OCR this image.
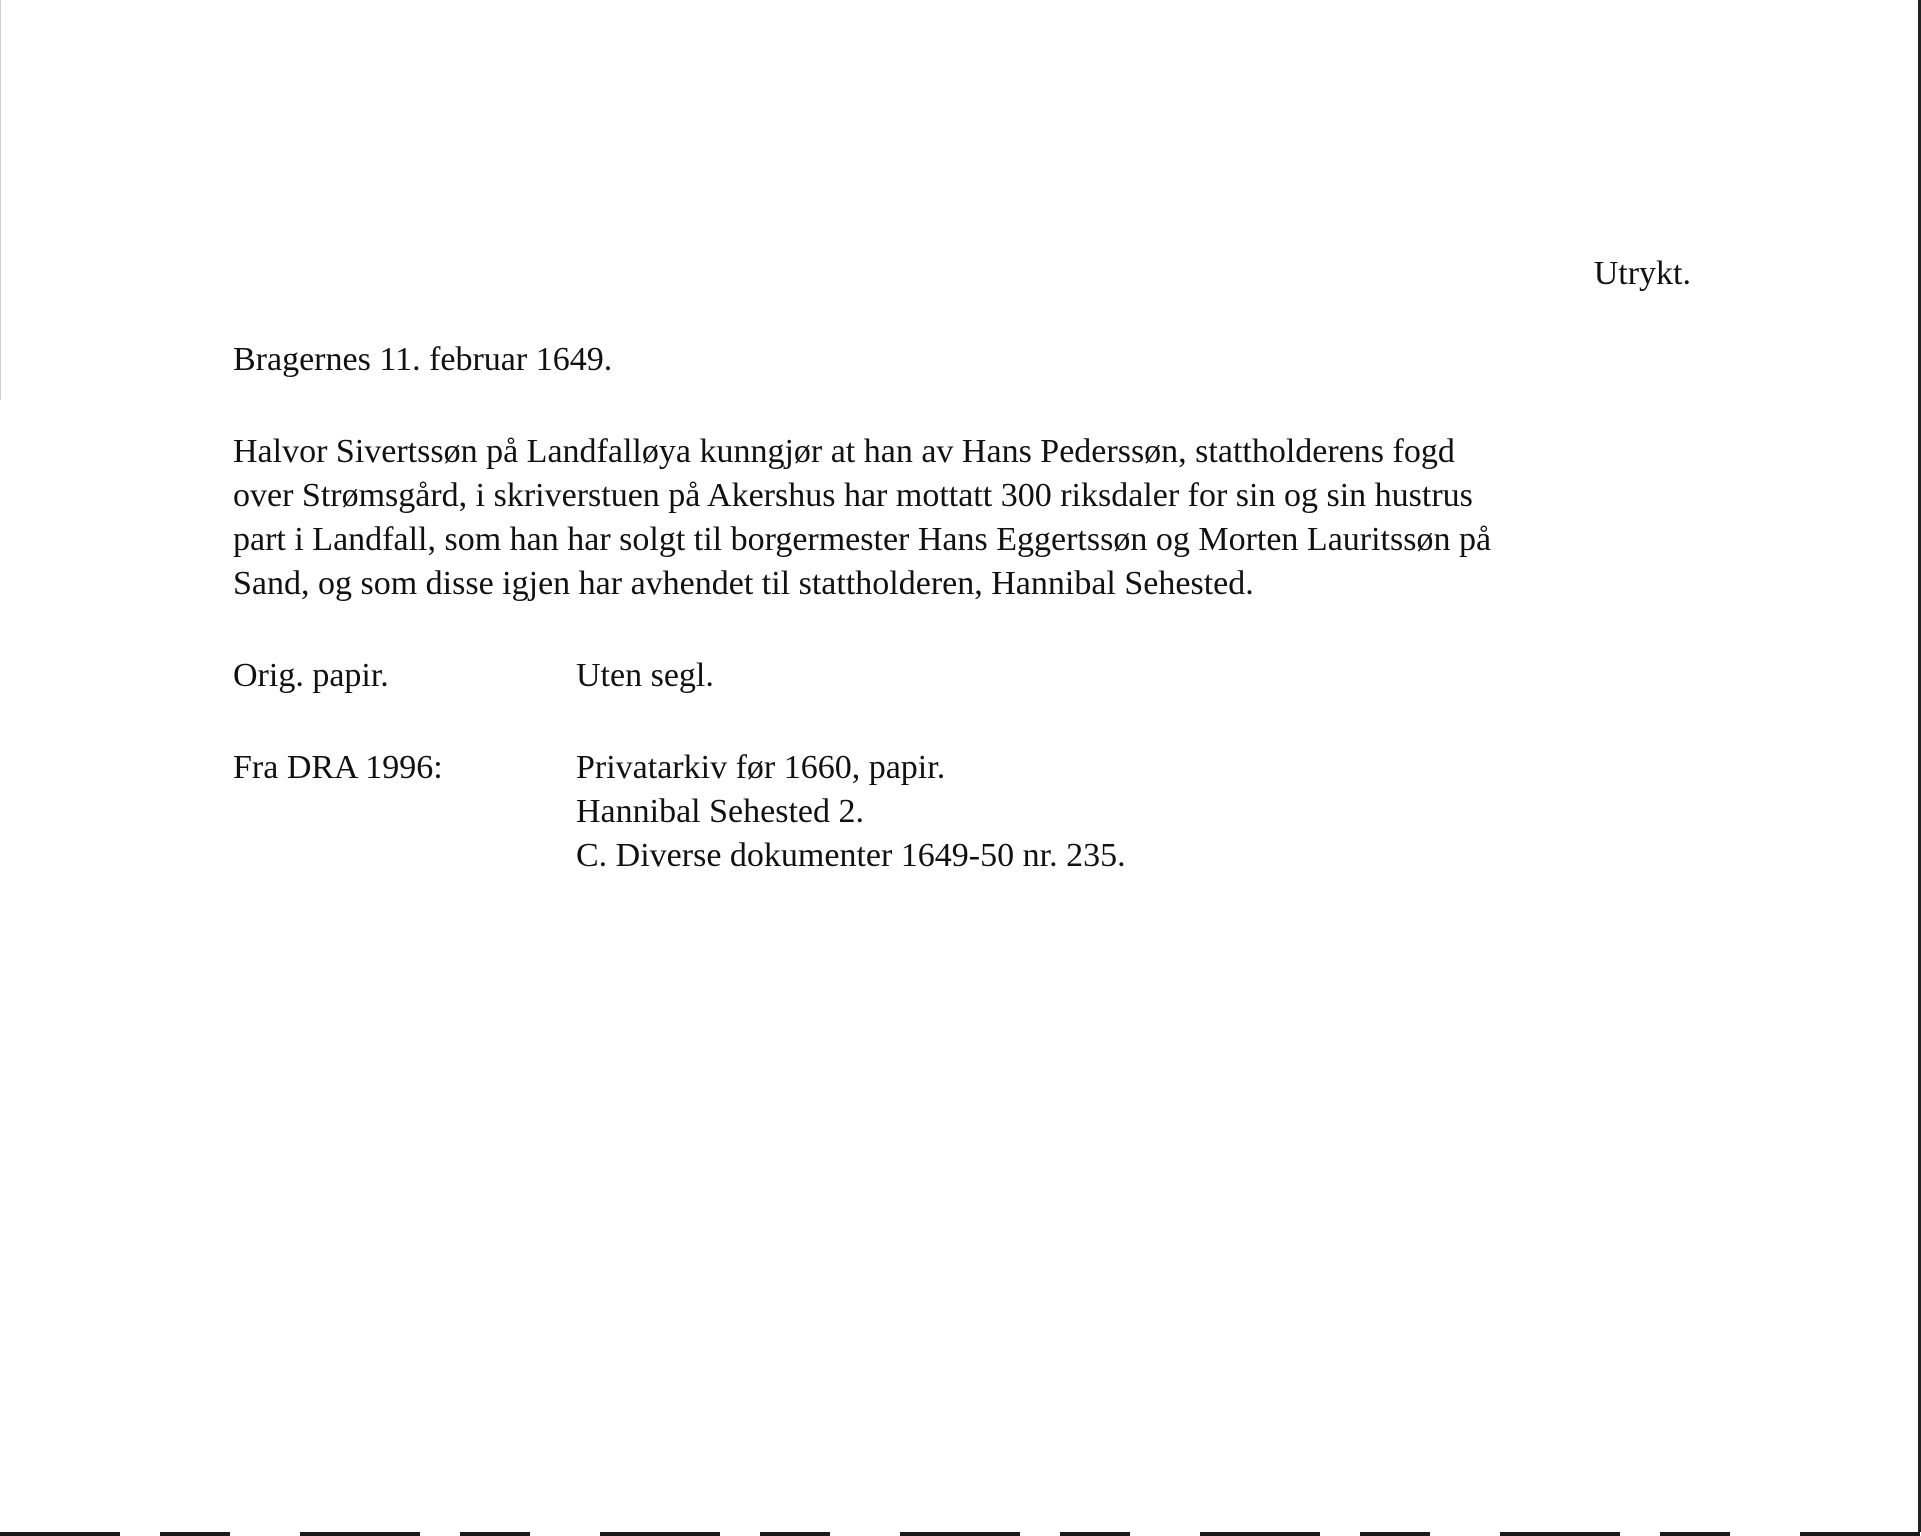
Utrykt.
Bragernes 11. februar 1649.

Halvor Sivertssøn på Landfalløya kunngjør at han av Hans Pederssøn, stattholderens fogd
over Strømsgård, i skriverstuen på Akershus har mottatt 300 riksdaler for sin og sin hustrus
part i Landfall, som han har solgt til borgermester Hans Eggertssøn og Morten Lauritssøn på
Sand, og som disse igjen har avhendet til stattholderen, Hannibal Sehested.

Orig. papir.	Uten segl.
Fra DRA 1996:	Privatarkiv før 1660, papir.
Hannibal Sehested 2.
C. Diverse dokumenter 1649-50 nr. 235.
